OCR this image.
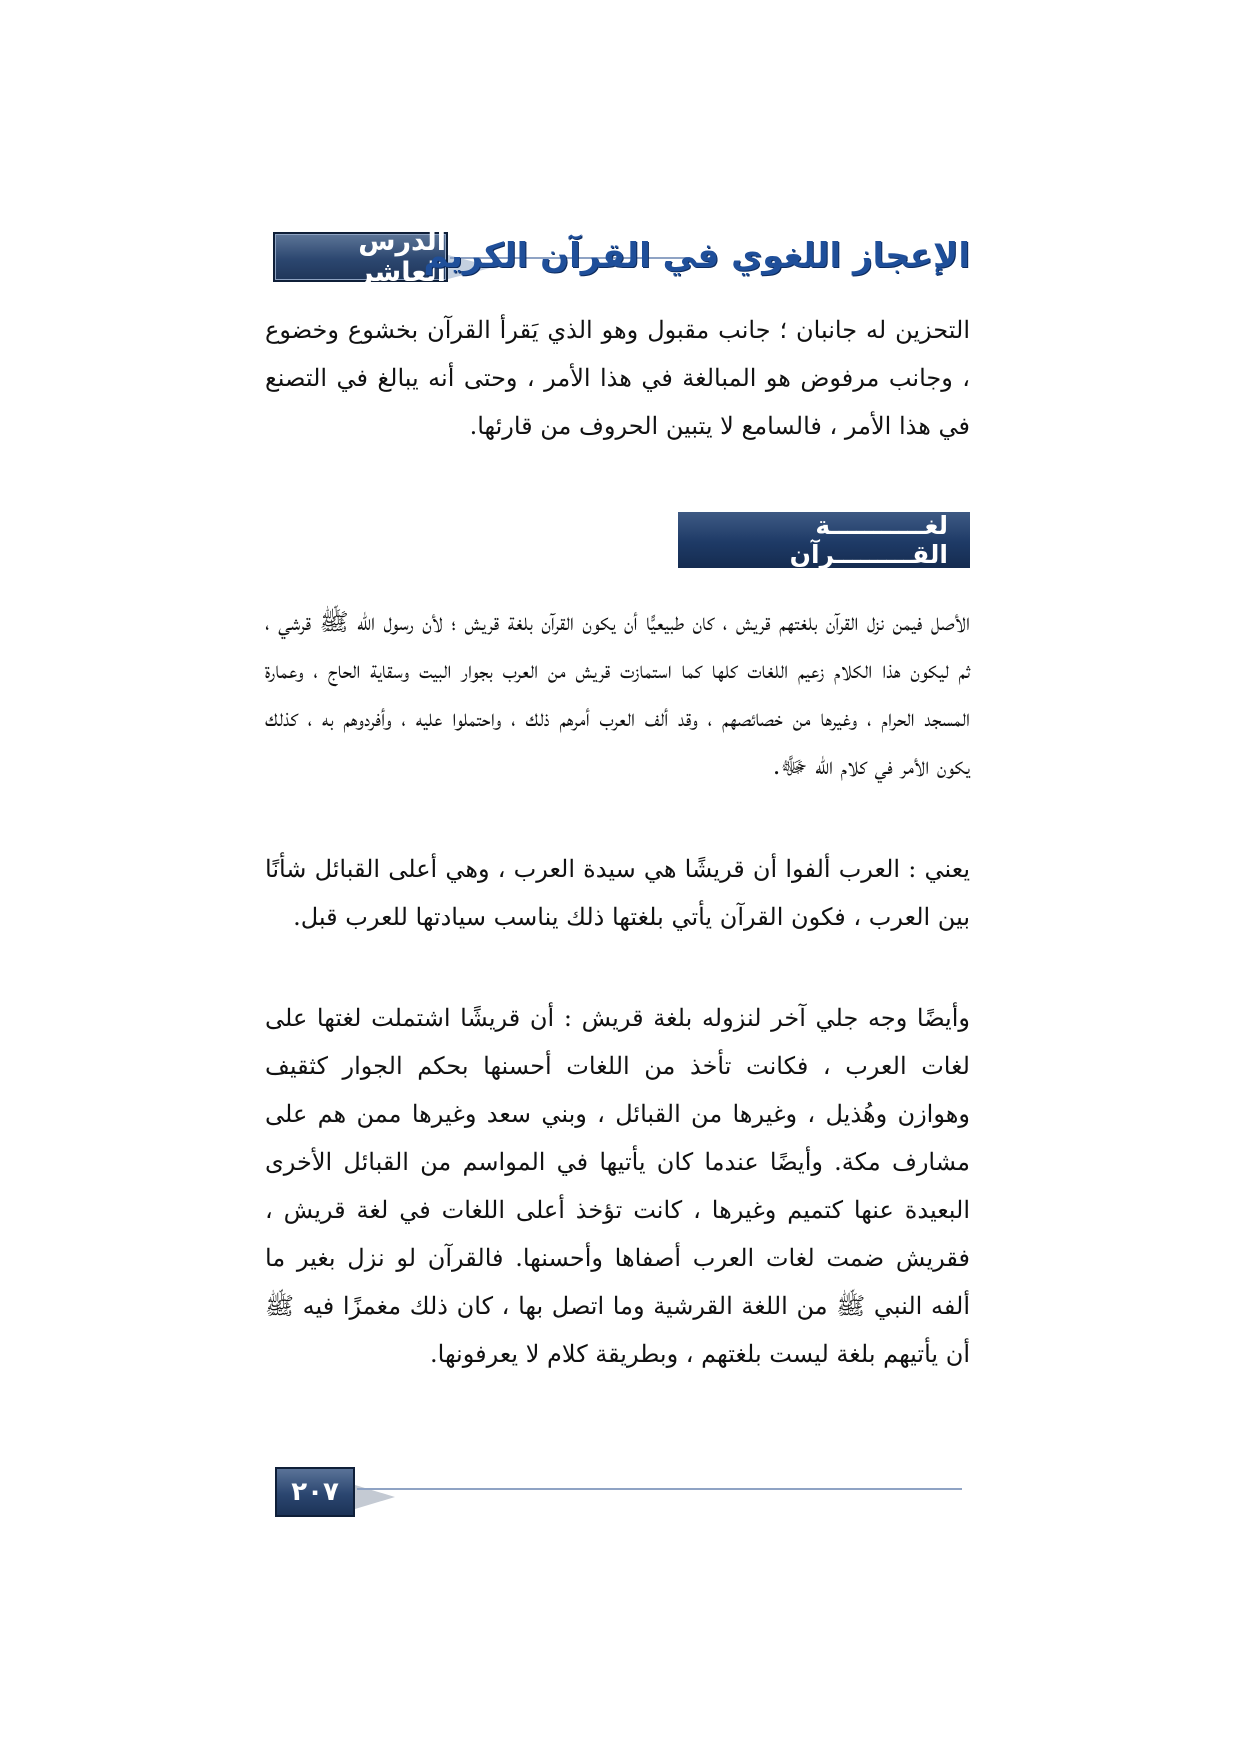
الدرس العاشر
الإعجاز اللغوي في القرآن الكريم

التحزين له جانبان ؛ جانب مقبول وهو الذي يَقرأ القرآن بخشوع وخضوع ، وجانب مرفوض هو المبالغة في هذا الأمر ، وحتى أنه يبالغ في التصنع في هذا الأمر ، فالسامع لا يتبين الحروف من قارئها.

لغـــــــــــة القـــــــــرآن

الأصل فيمن نزل القرآن بلغتهم قريش ، كان طبيعيًّا أن يكون القرآن بلغة قريش ؛ لأن رسول الله ﷺ قرشي ، ثم ليكون هذا الكلام زعيم اللغات كلها كما استمازت قريش من العرب بجوار البيت وسقاية الحاج ، وعمارة المسجد الحرام ، وغيرها من خصائصهم ، وقد ألف العرب أمرهم ذلك ، واحتملوا عليه ، وأفردوهم به ، كذلك يكون الأمر في كلام الله ﷻ.

يعني : العرب ألفوا أن قريشًا هي سيدة العرب ، وهي أعلى القبائل شأنًا بين العرب ، فكون القرآن يأتي بلغتها ذلك يناسب سيادتها للعرب قبل.

وأيضًا وجه جلي آخر لنزوله بلغة قريش : أن قريشًا اشتملت لغتها على لغات العرب ، فكانت تأخذ من اللغات أحسنها بحكم الجوار كثقيف وهوازن وهُذيل ، وغيرها من القبائل ، وبني سعد وغيرها ممن هم على مشارف مكة. وأيضًا عندما كان يأتيها في المواسم من القبائل الأخرى البعيدة عنها كتميم وغيرها ، كانت تؤخذ أعلى اللغات في لغة قريش ، فقريش ضمت لغات العرب أصفاها وأحسنها. فالقرآن لو نزل بغير ما ألفه النبي ﷺ من اللغة القرشية وما اتصل بها ، كان ذلك مغمزًا فيه ﷺ أن يأتيهم بلغة ليست بلغتهم ، وبطريقة كلام لا يعرفونها.

٢٠٧
